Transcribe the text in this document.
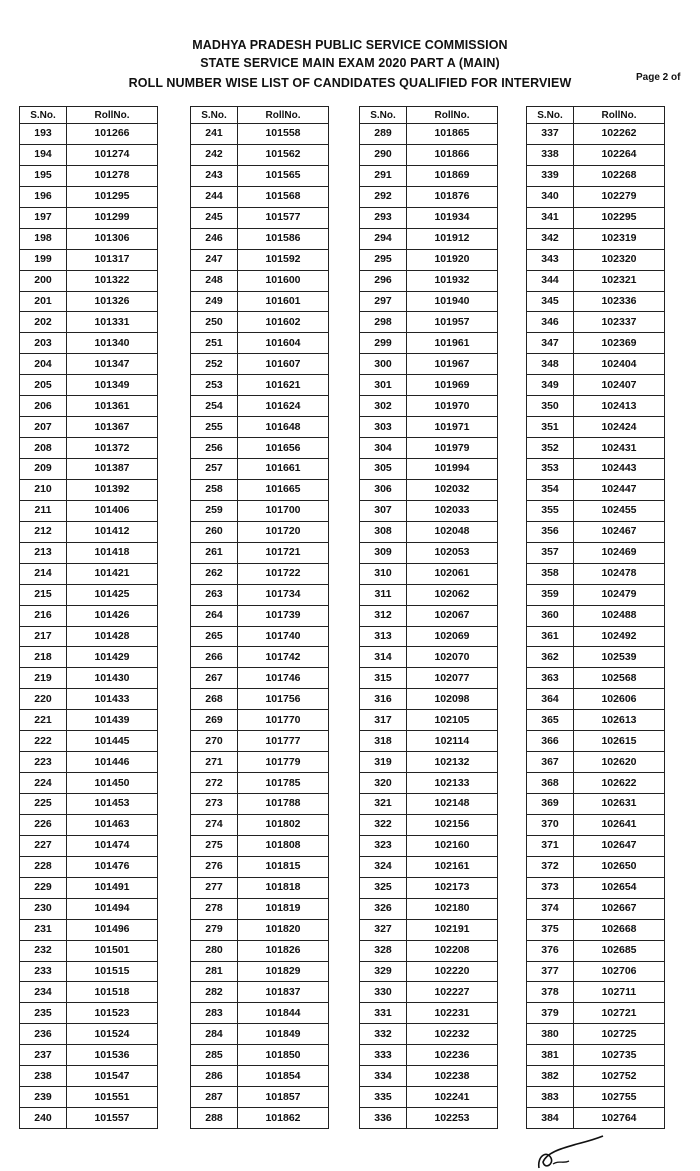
MADHYA PRADESH PUBLIC SERVICE COMMISSION
STATE SERVICE MAIN EXAM 2020 PART A (MAIN)
ROLL NUMBER WISE LIST OF CANDIDATES QUALIFIED FOR INTERVIEW	Page 2 of
S.No.	RollNo.
193	101266
194	101274
195	101278
196	101295
197	101299
198	101306
199	101317
200	101322
201	101326
202	101331
203	101340
204	101347
205	101349
206	101361
207	101367
208	101372
209	101387
210	101392
211	101406
212	101412
213	101418
214	101421
215	101425
216	101426
217	101428
218	101429
219	101430
220	101433
221	101439
222	101445
223	101446
224	101450
225	101453
226	101463
227	101474
228	101476
229	101491
230	101494
231	101496
232	101501
233	101515
234	101518
235	101523
236	101524
237	101536
238	101547
239	101551
240	101557
S.No.	RollNo.
241	101558
242	101562
243	101565
244	101568
245	101577
246	101586
247	101592
248	101600
249	101601
250	101602
251	101604
252	101607
253	101621
254	101624
255	101648
256	101656
257	101661
258	101665
259	101700
260	101720
261	101721
262	101722
263	101734
264	101739
265	101740
266	101742
267	101746
268	101756
269	101770
270	101777
271	101779
272	101785
273	101788
274	101802
275	101808
276	101815
277	101818
278	101819
279	101820
280	101826
281	101829
282	101837
283	101844
284	101849
285	101850
286	101854
287	101857
288	101862
S.No.	RollNo.
289	101865
290	101866
291	101869
292	101876
293	101934
294	101912
295	101920
296	101932
297	101940
298	101957
299	101961
300	101967
301	101969
302	101970
303	101971
304	101979
305	101994
306	102032
307	102033
308	102048
309	102053
310	102061
311	102062
312	102067
313	102069
314	102070
315	102077
316	102098
317	102105
318	102114
319	102132
320	102133
321	102148
322	102156
323	102160
324	102161
325	102173
326	102180
327	102191
328	102208
329	102220
330	102227
331	102231
332	102232
333	102236
334	102238
335	102241
336	102253
S.No.	RollNo.
337	102262
338	102264
339	102268
340	102279
341	102295
342	102319
343	102320
344	102321
345	102336
346	102337
347	102369
348	102404
349	102407
350	102413
351	102424
352	102431
353	102443
354	102447
355	102455
356	102467
357	102469
358	102478
359	102479
360	102488
361	102492
362	102539
363	102568
364	102606
365	102613
366	102615
367	102620
368	102622
369	102631
370	102641
371	102647
372	102650
373	102654
374	102667
375	102668
376	102685
377	102706
378	102711
379	102721
380	102725
381	102735
382	102752
383	102755
384	102764
